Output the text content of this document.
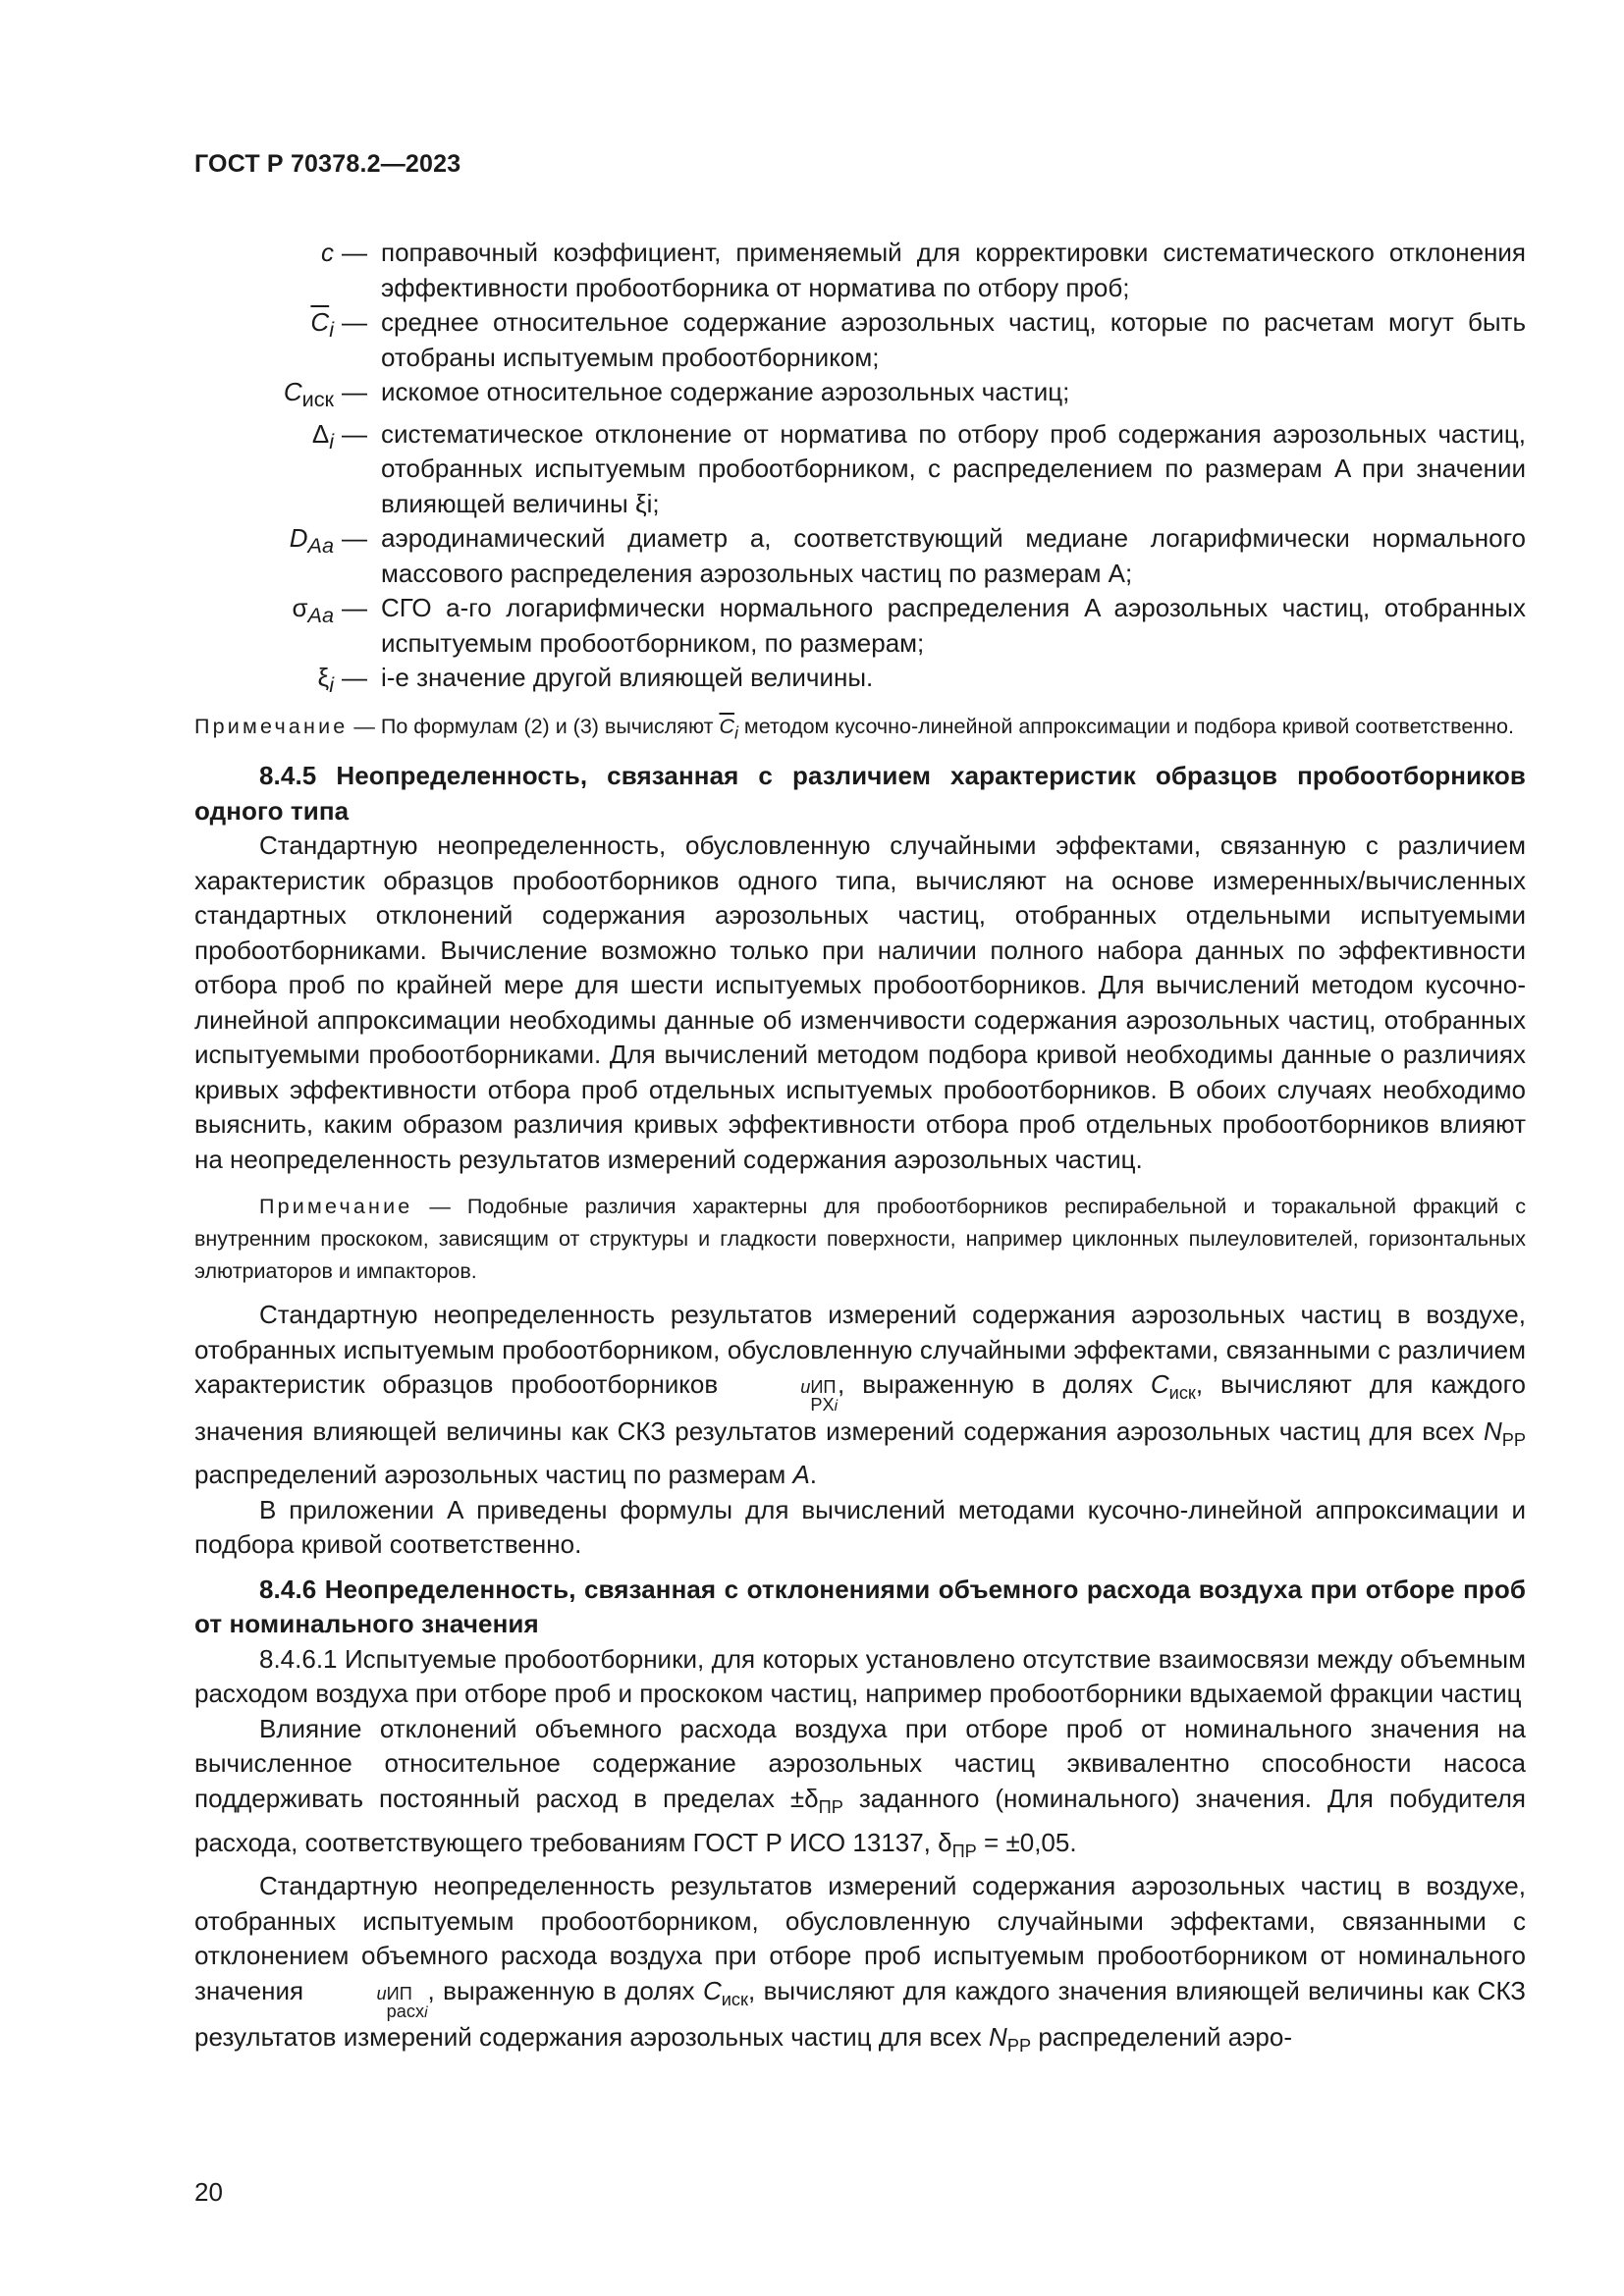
ГОСТ Р 70378.2—2023
c — поправочный коэффициент, применяемый для корректировки систематического отклонения эффективности пробоотборника от норматива по отбору проб;
$\overline{C}_i$ — среднее относительное содержание аэрозольных частиц, которые по расчетам могут быть отобраны испытуемым пробоотборником;
$C_{иск}$ — искомое относительное содержание аэрозольных частиц;
$\Delta_i$ — систематическое отклонение от норматива по отбору проб содержания аэрозольных частиц, отобранных испытуемым пробоотборником, с распределением по размерам A при значении влияющей величины ξi;
$D_{Aa}$ — аэродинамический диаметр a, соответствующий медиане логарифмически нормального массового распределения аэрозольных частиц по размерам A;
$\sigma_{Aa}$ — СГО a-го логарифмически нормального распределения A аэрозольных частиц, отобранных испытуемым пробоотборником, по размерам;
$\xi_i$ — i-е значение другой влияющей величины.
Примечание — По формулам (2) и (3) вычисляют $\overline{C}_i$ методом кусочно-линейной аппроксимации и подбора кривой соответственно.
8.4.5 Неопределенность, связанная с различием характеристик образцов пробоотборников одного типа

Стандартную неопределенность, обусловленную случайными эффектами, связанную с различием характеристик образцов пробоотборников одного типа, вычисляют на основе измеренных/вычисленных стандартных отклонений содержания аэрозольных частиц, отобранных отдельными испытуемыми пробоотборниками. Вычисление возможно только при наличии полного набора данных по эффективности отбора проб по крайней мере для шести испытуемых пробоотборников. Для вычислений методом кусочно-линейной аппроксимации необходимы данные об изменчивости содержания аэрозольных частиц, отобранных испытуемыми пробоотборниками. Для вычислений методом подбора кривой необходимы данные о различиях кривых эффективности отбора проб отдельных испытуемых пробоотборников. В обоих случаях необходимо выяснить, каким образом различия кривых эффективности отбора проб отдельных пробоотборников влияют на неопределенность результатов измерений содержания аэрозольных частиц.

Примечание — Подобные различия характерны для пробоотборников респирабельной и торакальной фракций с внутренним проскоком, зависящим от структуры и гладкости поверхности, например циклонных пылеуловителей, горизонтальных элютриаторов и импакторов.

Стандартную неопределенность результатов измерений содержания аэрозольных частиц в воздухе, отобранных испытуемым пробоотборником, обусловленную случайными эффектами, связанными с различием характеристик образцов пробоотборников	uИП
PXi
, выраженную в долях $C_{иск}$, вычисляют для каждого значения влияющей величины как СКЗ результатов измерений содержания аэрозольных частиц для всех $N_{PP}$ распределений аэрозольных частиц по размерам A.

В приложении А приведены формулы для вычислений методами кусочно-линейной аппроксимации и подбора кривой соответственно.

8.4.6 Неопределенность, связанная с отклонениями объемного расхода воздуха при отборе проб от номинального значения

8.4.6.1 Испытуемые пробоотборники, для которых установлено отсутствие взаимосвязи между объемным расходом воздуха при отборе проб и проскоком частиц, например пробоотборники вдыхаемой фракции частиц

Влияние отклонений объемного расхода воздуха при отборе проб от номинального значения на вычисленное относительное содержание аэрозольных частиц эквивалентно способности насоса поддерживать постоянный расход в пределах $\pm\delta_{ПР}$ заданного (номинального) значения. Для побудителя расхода, соответствующего требованиям ГОСТ Р ИСО 13137, $\delta_{ПР} = \pm 0,05$.

Стандартную неопределенность результатов измерений содержания аэрозольных частиц в воздухе, отобранных испытуемым пробоотборником, обусловленную случайными эффектами, связанными с отклонением объемного расхода воздуха при отборе проб испытуемым пробоотборником от номинального значения	uИП
расхi
, выраженную в долях $C_{иск}$, вычисляют для каждого значения влияющей величины как СКЗ результатов измерений содержания аэрозольных частиц для всех $N_{PP}$ распределений аэро-

20
